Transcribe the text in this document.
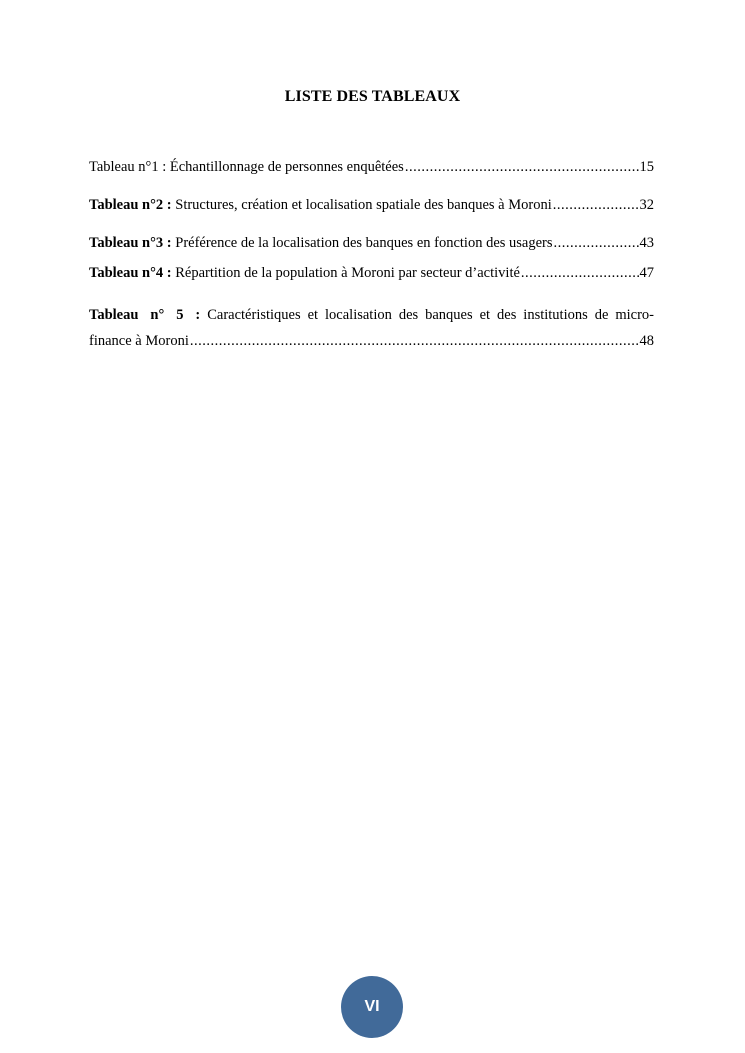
LISTE DES TABLEAUX
Tableau n°1 : Échantillonnage de personnes enquêtées .....	15
Tableau n°2 : Structures, création et localisation spatiale des banques à Moroni .....	32
Tableau n°3 : Préférence de la localisation des banques en fonction des usagers .....	43
Tableau n°4 : Répartition de la population à Moroni par secteur d’activité .....	47
Tableau n° 5 : Caractéristiques et localisation des banques et des institutions de micro-
finance à Moroni .....	48
VI
